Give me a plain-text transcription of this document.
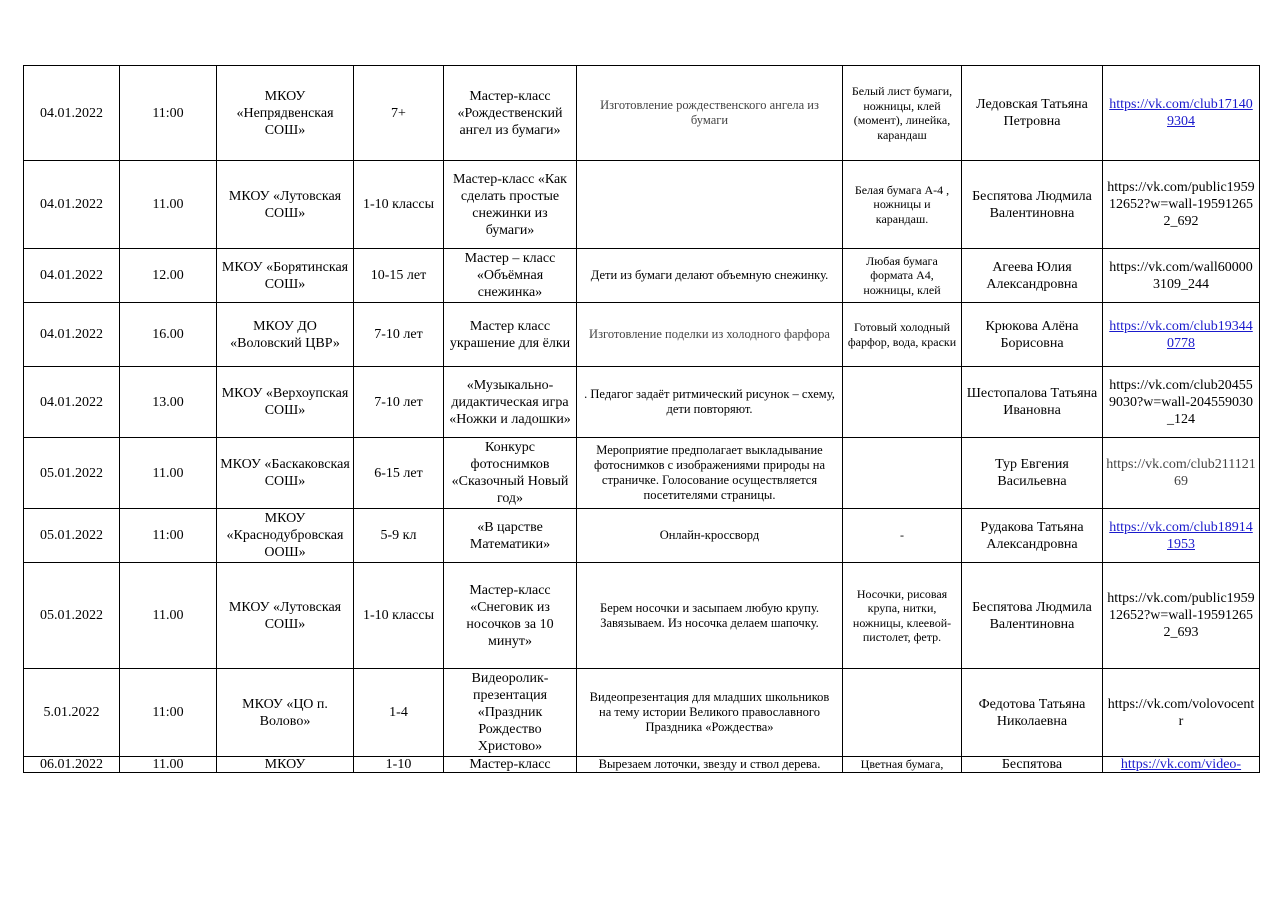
04.01.2022	11:00	МКОУ «Непрядвенская СОШ»	7+	Мастер-класс «Рождественский ангел из бумаги»	Изготовление рождественского ангела из бумаги	Белый лист бумаги, ножницы, клей (момент), линейка, карандаш	Ледовская Татьяна Петровна	https://vk.com/club171409304
04.01.2022	11.00	МКОУ «Лутовская СОШ»	1-10 классы	Мастер-класс «Как сделать простые снежинки из бумаги»		Белая бумага А-4 , ножницы и карандаш.	Беспятова Людмила Валентиновна	https://vk.com/public195912652?w=wall-195912652_692
04.01.2022	12.00	МКОУ «Борятинская СОШ»	10-15 лет	Мастер – класс «Объёмная снежинка»	Дети из бумаги делают объемную снежинку.	Любая бумага формата А4, ножницы, клей	Агеева Юлия Александровна	https://vk.com/wall600003109_244
04.01.2022	16.00	МКОУ ДО «Воловский ЦВР»	7-10 лет	Мастер класс украшение для ёлки	Изготовление поделки из холодного фарфора	Готовый холодный фарфор, вода, краски	Крюкова Алёна Борисовна	https://vk.com/club193440778
04.01.2022	13.00	МКОУ «Верхоупская СОШ»	7-10 лет	«Музыкально-дидактическая игра «Ножки и ладошки»	. Педагог задаёт ритмический рисунок – схему, дети повторяют.		Шестопалова Татьяна Ивановна	https://vk.com/club204559030?w=wall-204559030_124
05.01.2022	11.00	МКОУ «Баскаковская СОШ»	6-15 лет	Конкурс фотоснимков «Сказочный Новый год»	Мероприятие предполагает выкладывание фотоснимков с изображениями природы на страничке. Голосование осуществляется посетителями страницы.		Тур Евгения Васильевна	https://vk.com/club21112169
05.01.2022	11:00	МКОУ «Краснодубровская ООШ»	5-9 кл	«В царстве Математики»	Онлайн-кроссворд	-	Рудакова Татьяна Александровна	https://vk.com/club189141953
05.01.2022	11.00	МКОУ «Лутовская СОШ»	1-10 классы	Мастер-класс «Снеговик из носочков за 10 минут»	Берем носочки и засыпаем любую крупу. Завязываем. Из носочка делаем шапочку.	Носочки, рисовая крупа, нитки, ножницы, клеевой-пистолет, фетр.	Беспятова Людмила Валентиновна	https://vk.com/public195912652?w=wall-195912652_693
5.01.2022	11:00	МКОУ «ЦО п. Волово»	1-4	Видеоролик-презентация «Праздник Рождество Христово»	Видеопрезентация для младших школьников на тему истории Великого православного Праздника «Рождества»		Федотова Татьяна Николаевна	https://vk.com/volovocentr
06.01.2022	11.00	МКОУ	1-10	Мастер-класс	Вырезаем лоточки, звезду и ствол дерева.	Цветная бумага,	Беспятова	https://vk.com/video-
